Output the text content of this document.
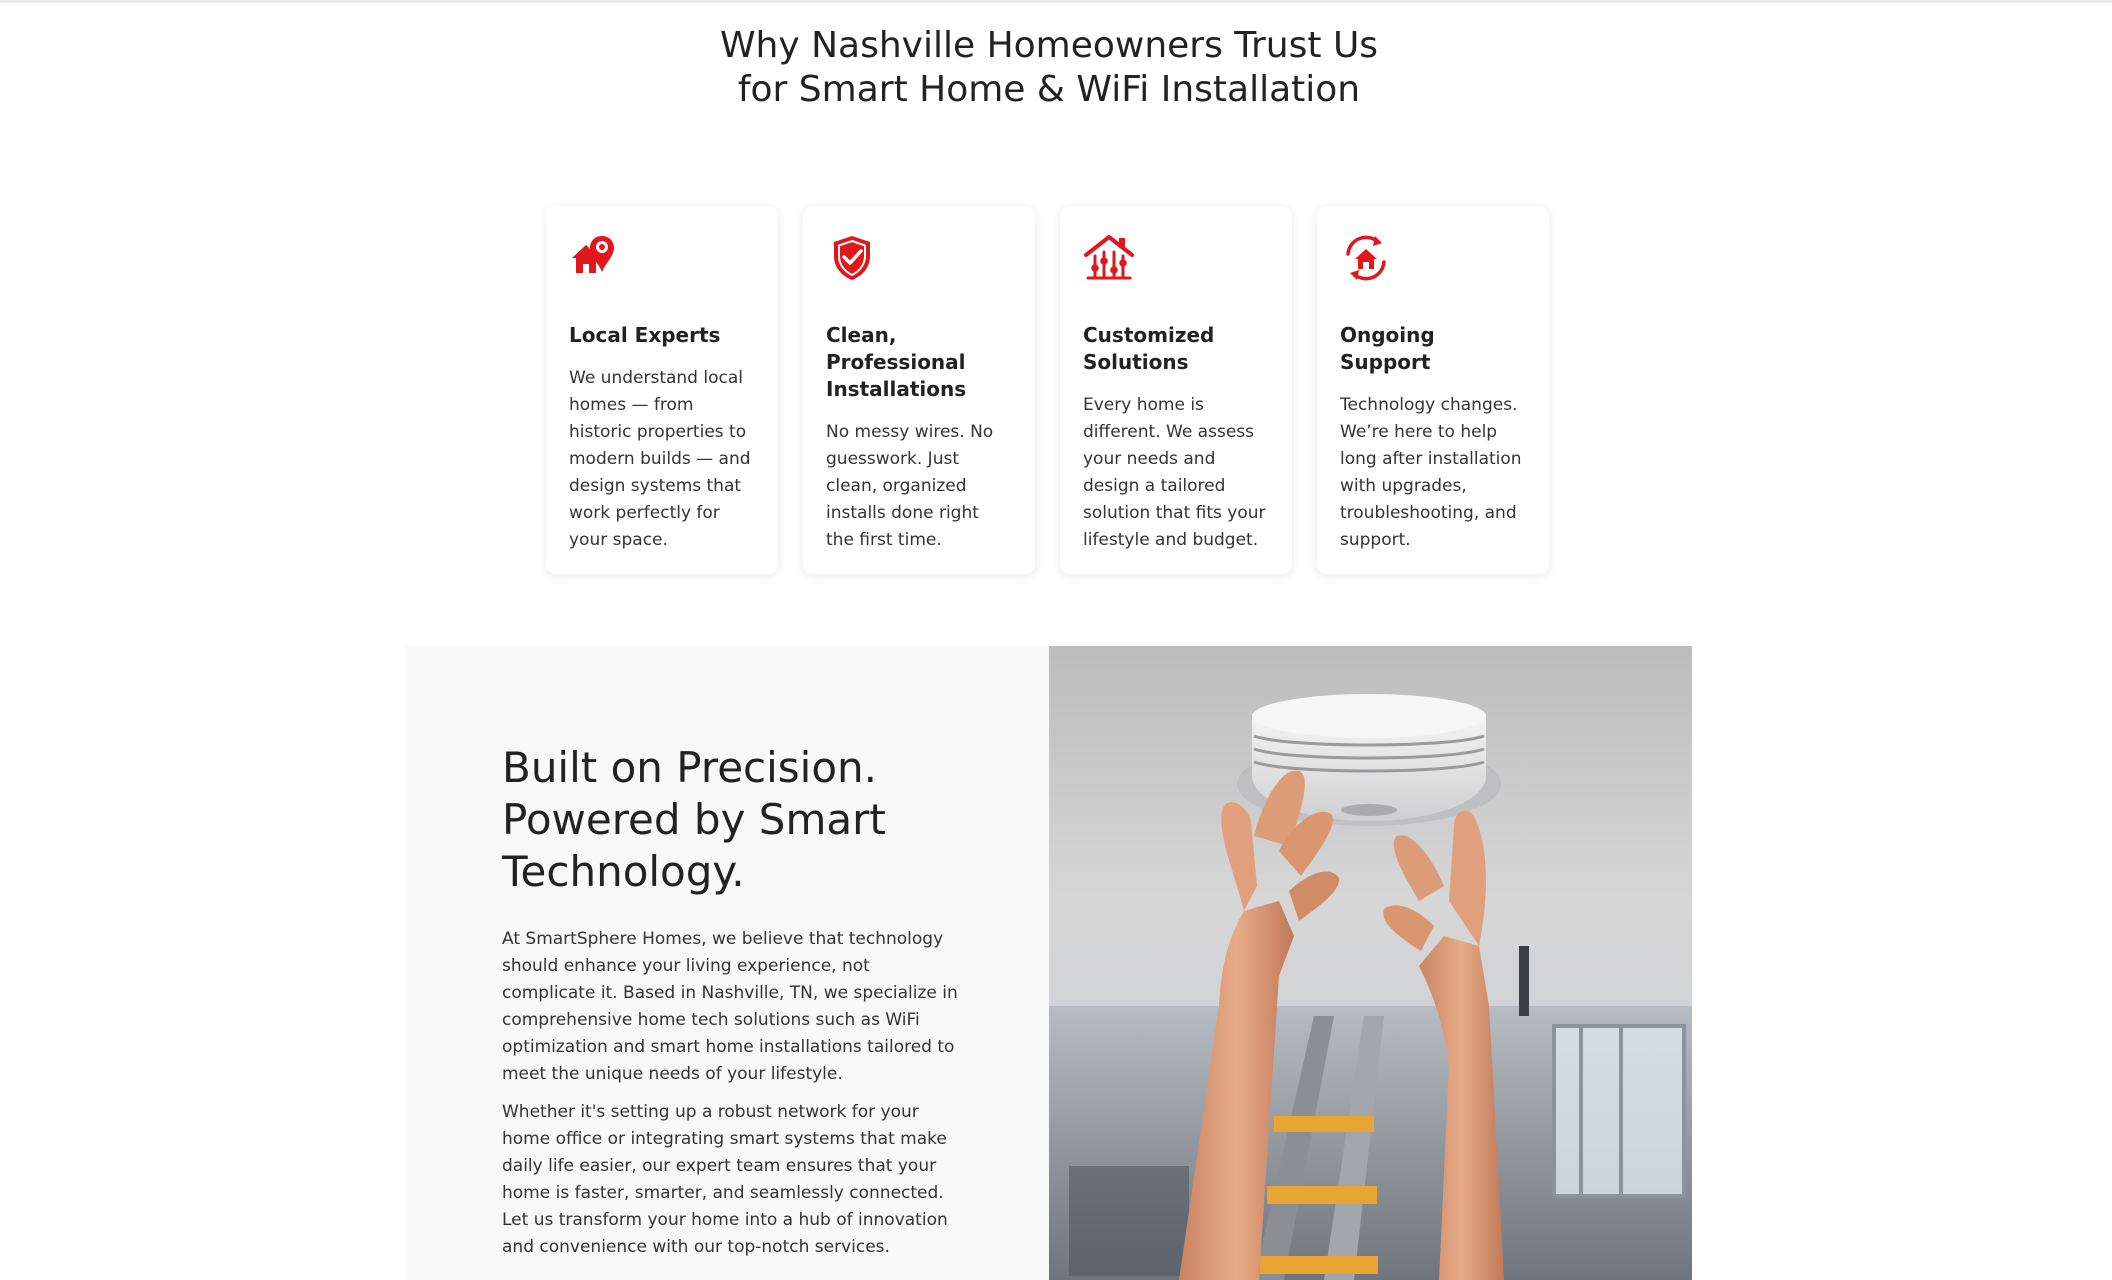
Why Nashville Homeowners Trust Us for Smart Home & WiFi Installation
Local Experts

We understand local homes — from historic properties to modern builds — and design systems that work perfectly for your space.

Clean, Professional Installations

No messy wires. No guesswork. Just clean, organized installs done right the first time.

Customized Solutions

Every home is different. We assess your needs and design a tailored solution that fits your lifestyle and budget.

Ongoing Support

Technology changes. We’re here to help long after installation with upgrades, troubleshooting, and support.

Built on Precision. Powered by Smart Technology.

At SmartSphere Homes, we believe that technology should enhance your living experience, not complicate it. Based in Nashville, TN, we specialize in comprehensive home tech solutions such as WiFi optimization and smart home installations tailored to meet the unique needs of your lifestyle.

Whether it's setting up a robust network for your home office or integrating smart systems that make daily life easier, our expert team ensures that your home is faster, smarter, and seamlessly connected. Let us transform your home into a hub of innovation and convenience with our top-notch services.
